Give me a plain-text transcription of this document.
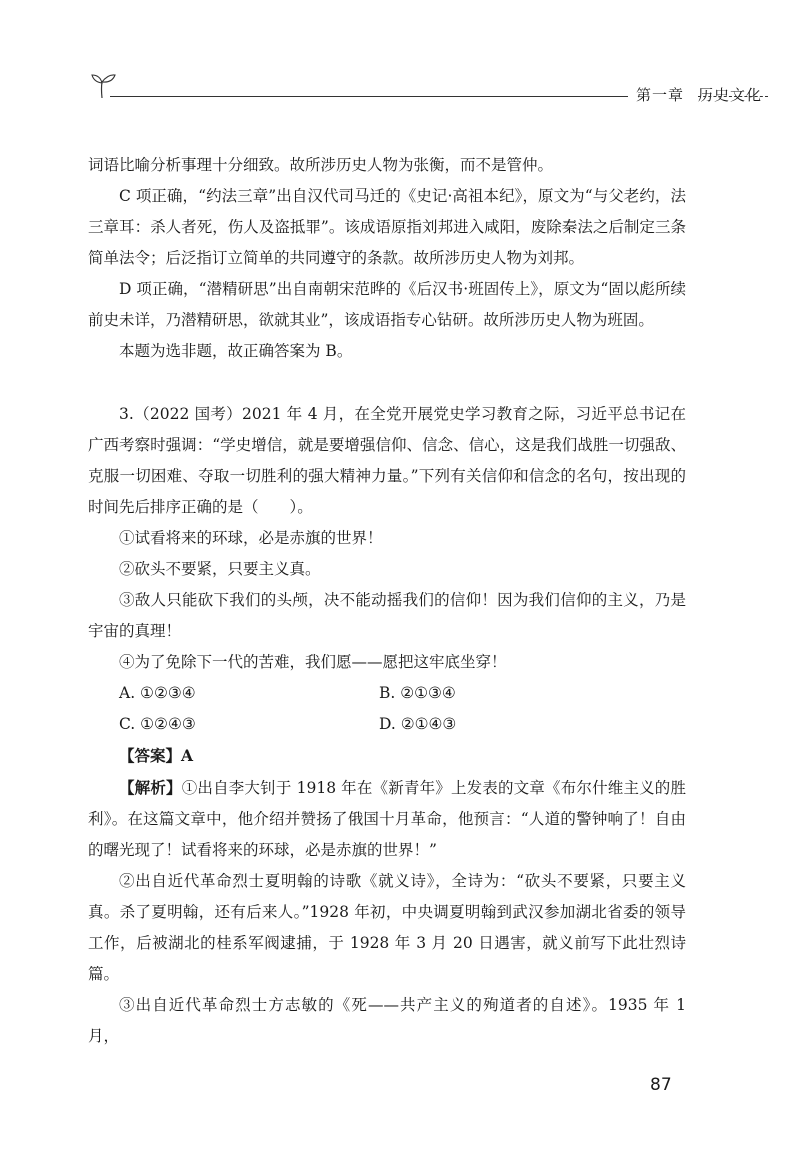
第一章 历史文化

词语比喻分析事理十分细致。故所涉历史人物为张衡，而不是管仲。

C 项正确，“约法三章”出自汉代司马迁的《史记·高祖本纪》，原文为“与父老约，法三章耳：杀人者死，伤人及盗抵罪”。该成语原指刘邦进入咸阳，废除秦法之后制定三条简单法令；后泛指订立简单的共同遵守的条款。故所涉历史人物为刘邦。

D 项正确，“潜精研思”出自南朝宋范晔的《后汉书·班固传上》，原文为“固以彪所续前史未详，乃潜精研思，欲就其业”，该成语指专心钻研。故所涉历史人物为班固。

本题为选非题，故正确答案为 B。

3.（2022 国考）2021 年 4 月，在全党开展党史学习教育之际，习近平总书记在广西考察时强调：“学史增信，就是要增强信仰、信念、信心，这是我们战胜一切强敌、克服一切困难、夺取一切胜利的强大精神力量。”下列有关信仰和信念的名句，按出现的时间先后排序正确的是（　　）。

①试看将来的环球，必是赤旗的世界！

②砍头不要紧，只要主义真。

③敌人只能砍下我们的头颅，决不能动摇我们的信仰！因为我们信仰的主义，乃是宇宙的真理！

④为了免除下一代的苦难，我们愿——愿把这牢底坐穿！

A. ①②③④	B. ②①③④
C. ①②④③	D. ②①④③

【答案】A

【解析】①出自李大钊于 1918 年在《新青年》上发表的文章《布尔什维主义的胜利》。在这篇文章中，他介绍并赞扬了俄国十月革命，他预言：“人道的警钟响了！自由的曙光现了！试看将来的环球，必是赤旗的世界！”

②出自近代革命烈士夏明翰的诗歌《就义诗》，全诗为：“砍头不要紧，只要主义真。杀了夏明翰，还有后来人。”1928 年初，中央调夏明翰到武汉参加湖北省委的领导工作，后被湖北的桂系军阀逮捕，于 1928 年 3 月 20 日遇害，就义前写下此壮烈诗篇。

③出自近代革命烈士方志敏的《死——共产主义的殉道者的自述》。1935 年 1 月，

87
